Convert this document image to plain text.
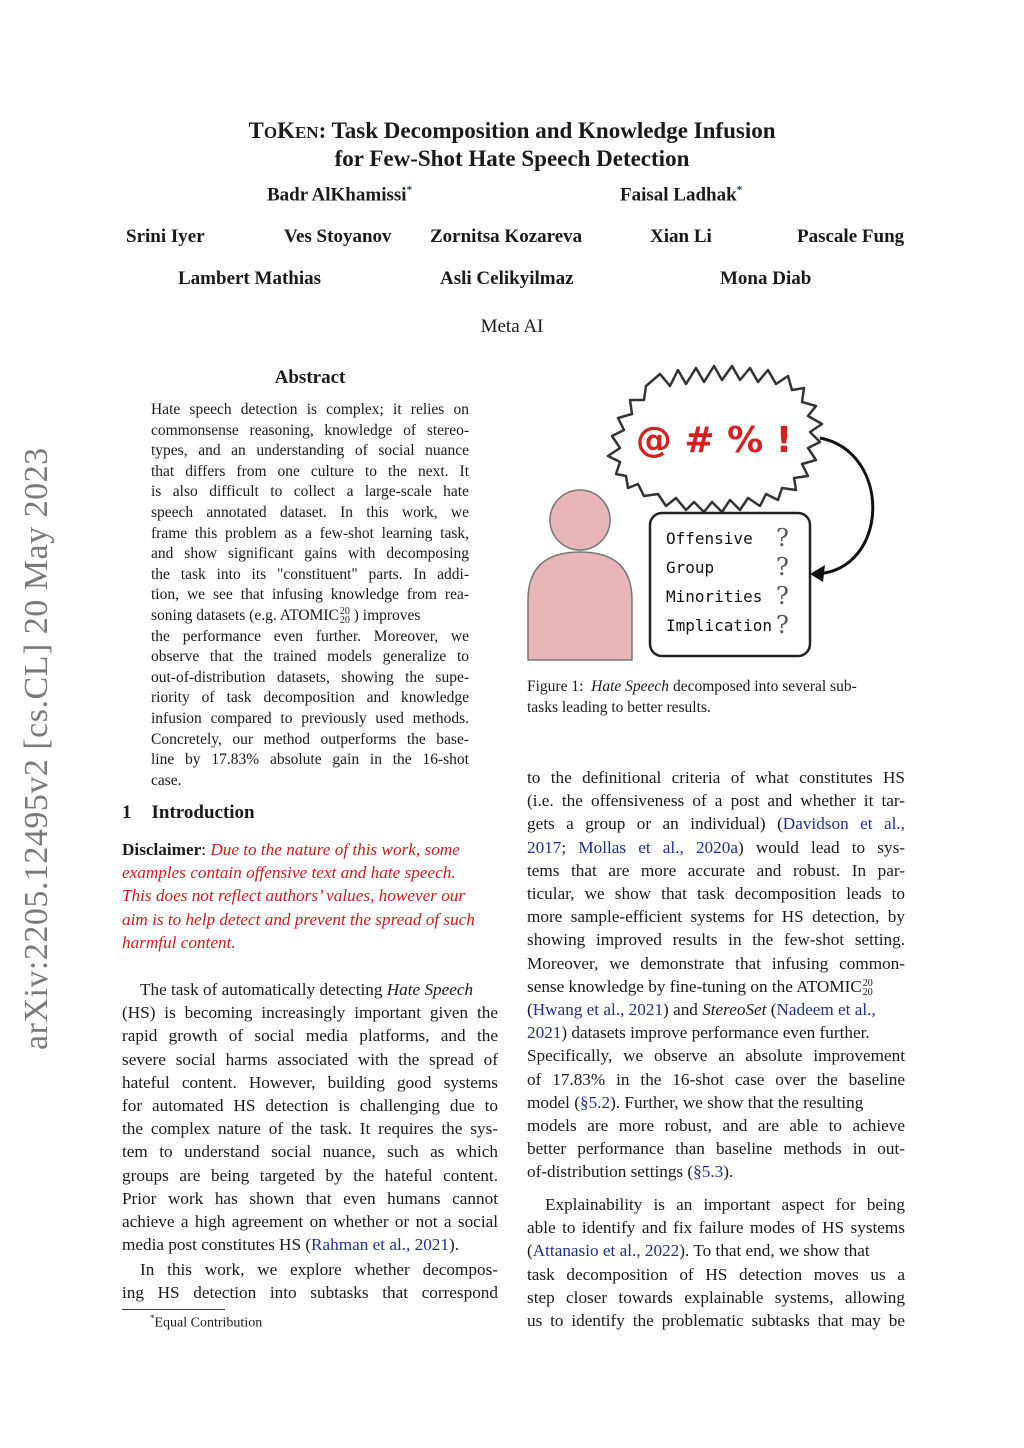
arXiv:2205.12495v2 [cs.CL] 20 May 2023
TOKEN: Task Decomposition and Knowledge Infusion
for Few-Shot Hate Speech Detection
Badr AlKhamissi*	Faisal Ladhak*
Srini Iyer	Ves Stoyanov Zornitsa Kozareva	Xian Li	Pascale Fung
Lambert Mathias	Asli Celikyilmaz	Mona Diab
Meta AI
Abstract
Hate speech detection is complex; it relies on
commonsense reasoning, knowledge of stereo-
types, and an understanding of social nuance
that differs from one culture to the next. It
is also difficult to collect a large-scale hate
speech annotated dataset. In this work, we
frame this problem as a few-shot learning task,
and show significant gains with decomposing
the task into its "constituent" parts. In addi-
tion, we see that infusing knowledge from rea-
soning datasets (e.g. ATOMIC 20
20 ) improves
the performance even further. Moreover, we
observe that the trained models generalize to
out-of-distribution datasets, showing the supe-
riority of task decomposition and knowledge
infusion compared to previously used methods.
Concretely, our method outperforms the base-
line by 17.83% absolute gain in the 16-shot
case.
1 Introduction
Disclaimer: Due to the nature of this work, some
examples contain offensive text and hate speech.
This does not reflect authors’ values, however our
aim is to help detect and prevent the spread of such
harmful content.
The task of automatically detecting Hate Speech
(HS) is becoming increasingly important given the
rapid growth of social media platforms, and the
severe social harms associated with the spread of
hateful content. However, building good systems
for automated HS detection is challenging due to
the complex nature of the task. It requires the sys-
tem to understand social nuance, such as which
groups are being targeted by the hateful content.
Prior work has shown that even humans cannot
achieve a high agreement on whether or not a social
media post constitutes HS (Rahman et al., 2021).
In this work, we explore whether decompos-
ing HS detection into subtasks that correspond
*Equal Contribution
@ # % !
Offensive
Group
Minorities
Implication
?
?
?
?
Figure 1: Hate Speech decomposed into several sub-
tasks leading to better results.
to the definitional criteria of what constitutes HS
(i.e. the offensiveness of a post and whether it tar-
gets a group or an individual) (Davidson et al.,
2017; Mollas et al., 2020a) would lead to sys-
tems that are more accurate and robust. In par-
ticular, we show that task decomposition leads to
more sample-efficient systems for HS detection, by
showing improved results in the few-shot setting.
Moreover, we demonstrate that infusing common-
sense knowledge by fine-tuning on the ATOMIC 20
20
(Hwang et al., 2021) and StereoSet (Nadeem et al.,
2021) datasets improve performance even further.
Specifically, we observe an absolute improvement
of 17.83% in the 16-shot case over the baseline
model (§5.2). Further, we show that the resulting
models are more robust, and are able to achieve
better performance than baseline methods in out-
of-distribution settings (§5.3).
Explainability is an important aspect for being
able to identify and fix failure modes of HS systems
(Attanasio et al., 2022). To that end, we show that
task decomposition of HS detection moves us a
step closer towards explainable systems, allowing
us to identify the problematic subtasks that may be
